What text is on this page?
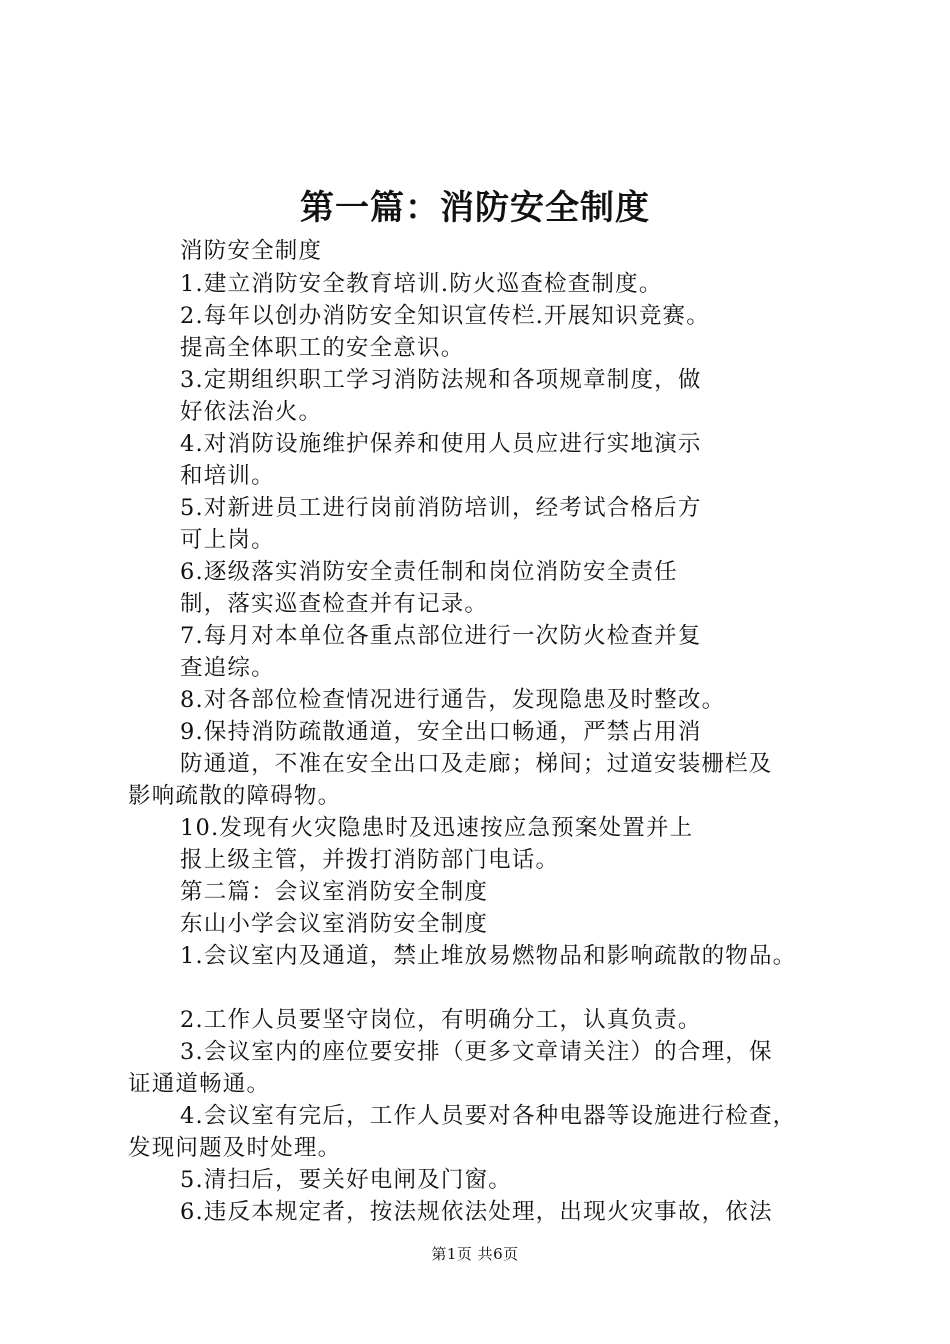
第一篇：消防安全制度
消防安全制度
1.建立消防安全教育培训.防火巡查检查制度。
2.每年以创办消防安全知识宣传栏.开展知识竞赛。
提高全体职工的安全意识。
3.定期组织职工学习消防法规和各项规章制度，做
好依法治火。
4.对消防设施维护保养和使用人员应进行实地演示
和培训。
5.对新进员工进行岗前消防培训，经考试合格后方
可上岗。
6.逐级落实消防安全责任制和岗位消防安全责任
制，落实巡查检查并有记录。
7.每月对本单位各重点部位进行一次防火检查并复
查追综。
8.对各部位检查情况进行通告，发现隐患及时整改。
9.保持消防疏散通道，安全出口畅通，严禁占用消
防通道，不准在安全出口及走廊；梯间；过道安装栅栏及
影响疏散的障碍物。
10.发现有火灾隐患时及迅速按应急预案处置并上
报上级主管，并拨打消防部门电话。
第二篇：会议室消防安全制度
东山小学会议室消防安全制度
1.会议室内及通道，禁止堆放易燃物品和影响疏散的物品。
2.工作人员要坚守岗位，有明确分工，认真负责。
3.会议室内的座位要安排（更多文章请关注）的合理，保
证通道畅通。
4.会议室有完后，工作人员要对各种电器等设施进行检查，
发现问题及时处理。
5.清扫后，要关好电闸及门窗。
6.违反本规定者，按法规依法处理，出现火灾事故，依法
第1页 共6页
